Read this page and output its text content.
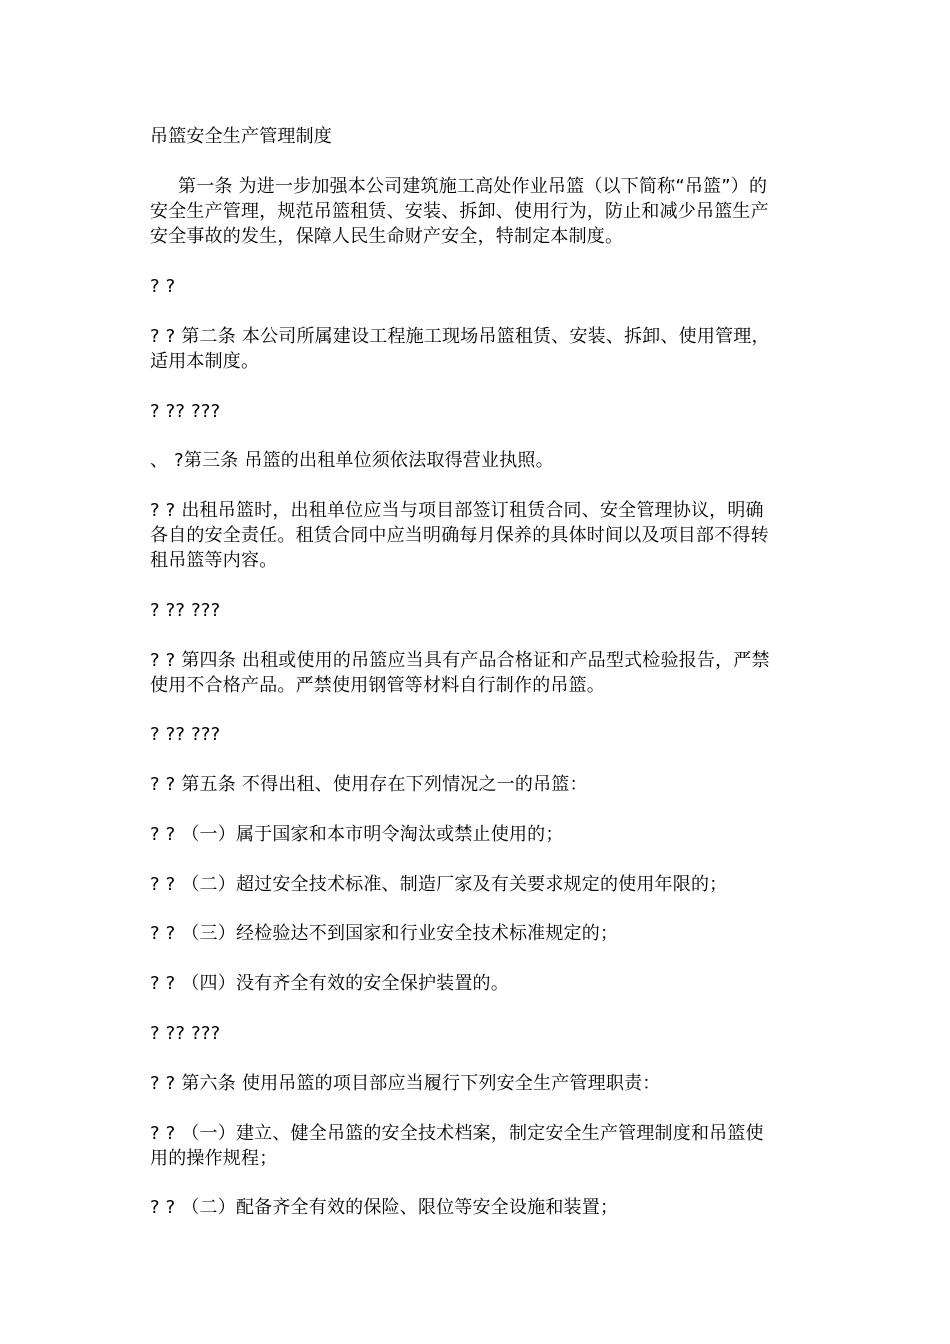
吊篮安全生产管理制度
第一条 为进一步加强本公司建筑施工高处作业吊篮（以下简称“吊篮”）的
安全生产管理，规范吊篮租赁、安装、拆卸、使用行为，防止和减少吊篮生产
安全事故的发生，保障人民生命财产安全，特制定本制度。
? ?
? ? 第二条 本公司所属建设工程施工现场吊篮租赁、安装、拆卸、使用管理，
适用本制度。
? ?? ???
、 ?第三条 吊篮的出租单位须依法取得营业执照。
? ? 出租吊篮时，出租单位应当与项目部签订租赁合同、安全管理协议，明确
各自的安全责任。租赁合同中应当明确每月保养的具体时间以及项目部不得转
租吊篮等内容。
? ?? ???
? ? 第四条 出租或使用的吊篮应当具有产品合格证和产品型式检验报告，严禁
使用不合格产品。严禁使用钢管等材料自行制作的吊篮。
? ?? ???
? ? 第五条 不得出租、使用存在下列情况之一的吊篮：
? ? （一）属于国家和本市明令淘汰或禁止使用的；
? ? （二）超过安全技术标准、制造厂家及有关要求规定的使用年限的；
? ? （三）经检验达不到国家和行业安全技术标准规定的；
? ? （四）没有齐全有效的安全保护装置的。
? ?? ???
? ? 第六条 使用吊篮的项目部应当履行下列安全生产管理职责：
? ? （一）建立、健全吊篮的安全技术档案，制定安全生产管理制度和吊篮使
用的操作规程；
? ? （二）配备齐全有效的保险、限位等安全设施和装置；
